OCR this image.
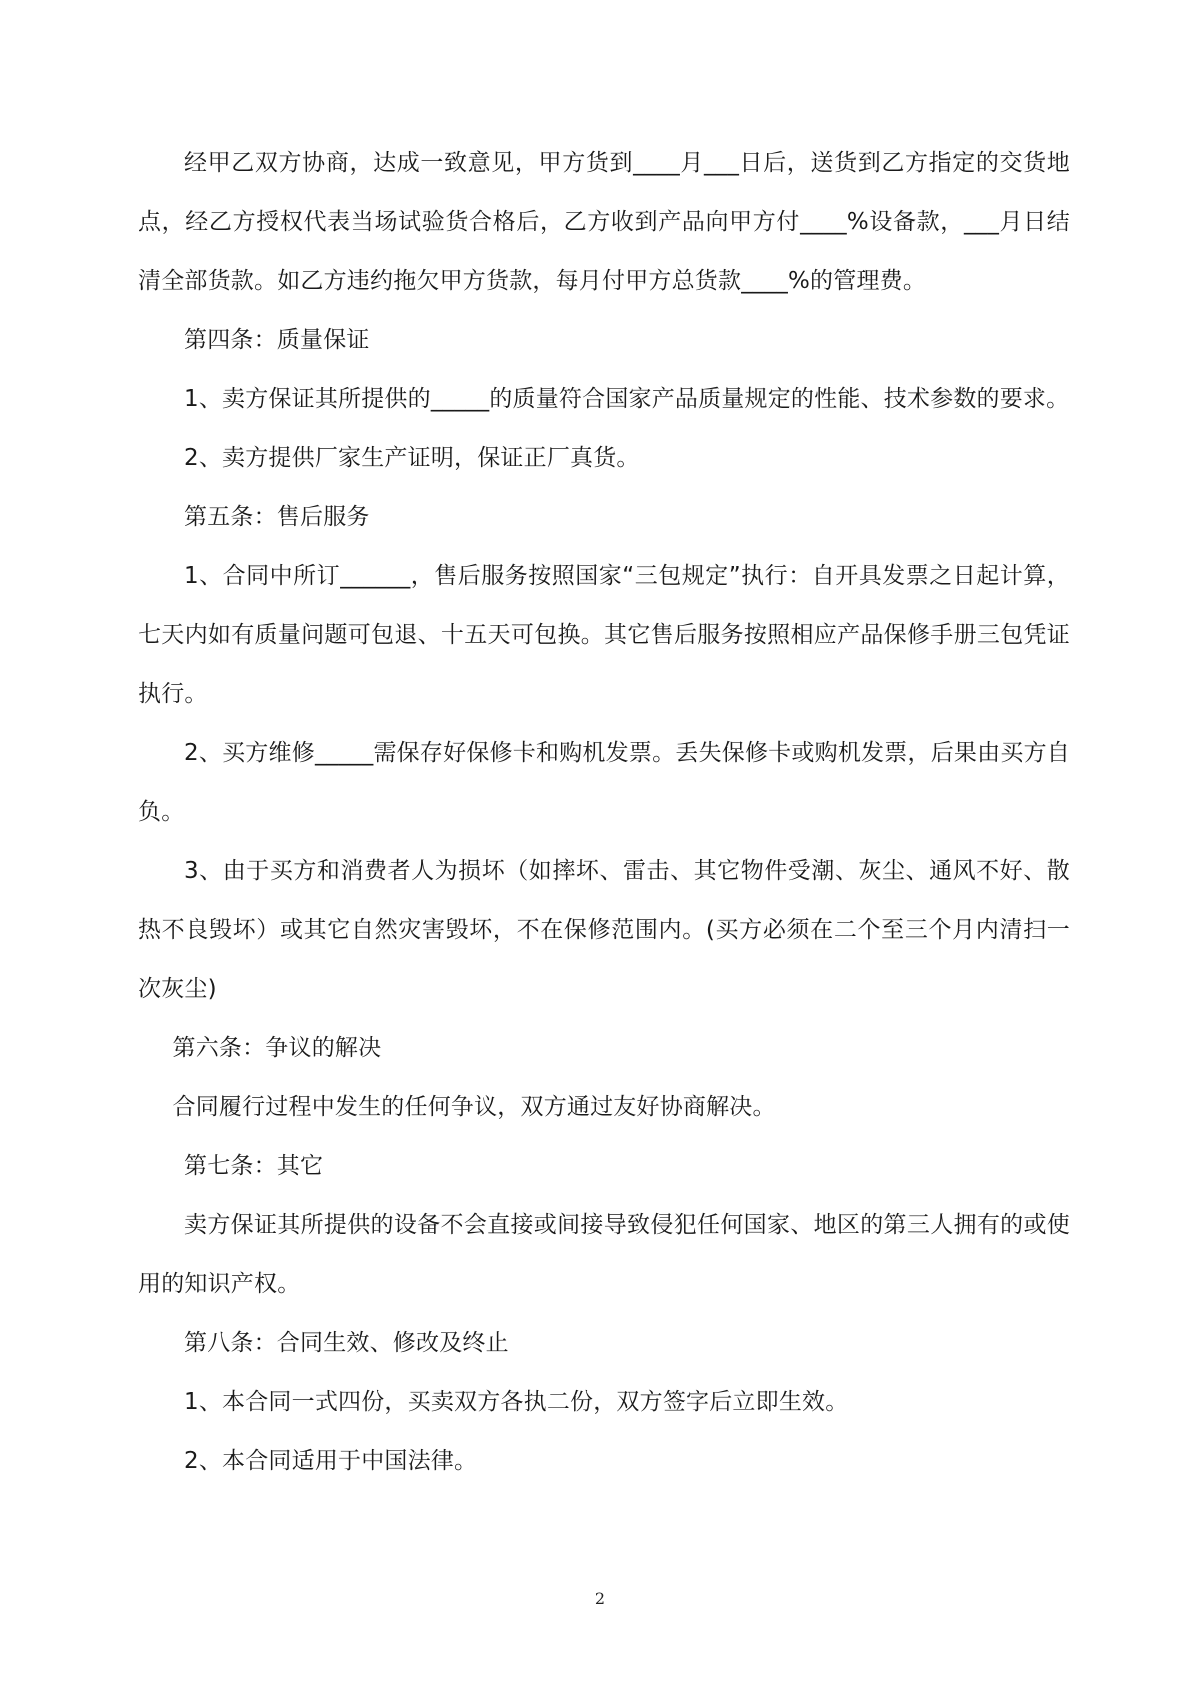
经甲乙双方协商，达成一致意见，甲方货到____月___日后，送货到乙方指定的交货地点，经乙方授权代表当场试验货合格后，乙方收到产品向甲方付____%设备款，___月日结清全部货款。如乙方违约拖欠甲方货款，每月付甲方总货款____%的管理费。

第四条：质量保证

1、卖方保证其所提供的_____的质量符合国家产品质量规定的性能、技术参数的要求。

2、卖方提供厂家生产证明，保证正厂真货。

第五条：售后服务

1、合同中所订______，售后服务按照国家“三包规定”执行：自开具发票之日起计算，七天内如有质量问题可包退、十五天可包换。其它售后服务按照相应产品保修手册三包凭证执行。

2、买方维修_____需保存好保修卡和购机发票。丢失保修卡或购机发票，后果由买方自负。

3、由于买方和消费者人为损坏（如摔坏、雷击、其它物件受潮、灰尘、通风不好、散热不良毁坏）或其它自然灾害毁坏，不在保修范围内。(买方必须在二个至三个月内清扫一次灰尘)

第六条：争议的解决

合同履行过程中发生的任何争议，双方通过友好协商解决。

第七条：其它

卖方保证其所提供的设备不会直接或间接导致侵犯任何国家、地区的第三人拥有的或使用的知识产权。

第八条：合同生效、修改及终止

1、本合同一式四份，买卖双方各执二份，双方签字后立即生效。

2、本合同适用于中国法律。

2
